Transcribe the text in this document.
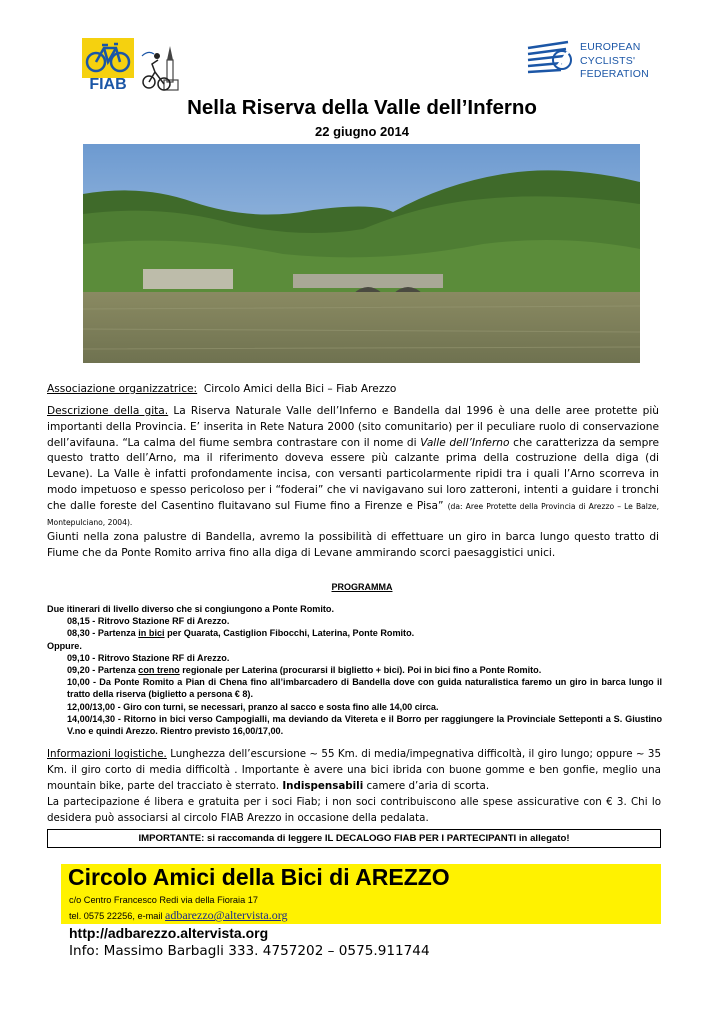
FIAB
EUROPEAN
CYCLISTS'
FEDERATION
Nella Riserva della Valle dell’Inferno
22 giugno 2014
Associazione organizzatrice: Circolo Amici della Bici – Fiab Arezzo
Descrizione della gita. La Riserva Naturale Valle dell’Inferno e Bandella dal 1996 è una delle aree protette più importanti della Provincia. E’ inserita in Rete Natura 2000 (sito comunitario) per il peculiare ruolo di conservazione dell’avifauna. “La calma del fiume sembra contrastare con il nome di Valle dell’Inferno che caratterizza da sempre questo tratto dell’Arno, ma il riferimento doveva essere più calzante prima della costruzione della diga (di Levane). La Valle è infatti profondamente incisa, con versanti particolarmente ripidi tra i quali l’Arno scorreva in modo impetuoso e spesso pericoloso per i “foderai” che vi navigavano sui loro zatteroni, intenti a guidare i tronchi che dalle foreste del Casentino fluitavano sul Fiume fino a Firenze e Pisa” (da: Aree Protette della Provincia di Arezzo – Le Balze, Montepulciano, 2004).
Giunti nella zona palustre di Bandella, avremo la possibilità di effettuare un giro in barca lungo questo tratto di Fiume che da Ponte Romito arriva fino alla diga di Levane ammirando scorci paesaggistici unici.
PROGRAMMA
Due itinerari di livello diverso che si congiungono a Ponte Romito.
08,15 - Ritrovo Stazione RF di Arezzo.
08,30 - Partenza in bici per Quarata, Castiglion Fibocchi, Laterina, Ponte Romito.
Oppure.
09,10 - Ritrovo Stazione RF di Arezzo.
09,20 - Partenza con treno regionale per Laterina (procurarsi il biglietto + bici). Poi in bici fino a Ponte Romito.
10,00 - Da Ponte Romito a Pian di Chena fino all’imbarcadero di Bandella dove con guida naturalistica faremo un giro in barca lungo il tratto della riserva (biglietto a persona € 8).
12,00/13,00 - Giro con turni, se necessari, pranzo al sacco e sosta fino alle 14,00 circa.
14,00/14,30 - Ritorno in bici verso Campogialli, ma deviando da Vitereta e il Borro per raggiungere la Provinciale Setteponti a S. Giustino V.no e quindi Arezzo. Rientro previsto 16,00/17,00.
Informazioni logistiche. Lunghezza dell’escursione ~ 55 Km. di media/impegnativa difficoltà, il giro lungo; oppure ~ 35 Km. il giro corto di media difficoltà . Importante è avere una bici ibrida con buone gomme e ben gonfie, meglio una mountain bike, parte del tracciato è sterrato. Indispensabili camere d’aria di scorta.
La partecipazione é libera e gratuita per i soci Fiab; i non soci contribuiscono alle spese assicurative con € 3. Chi lo desidera può associarsi al circolo FIAB Arezzo in occasione della pedalata.
IMPORTANTE: si raccomanda di leggere IL DECALOGO FIAB PER I PARTECIPANTI in allegato!
Circolo Amici della Bici di AREZZO
c/o Centro Francesco Redi via della Fioraia 17
tel. 0575 22256, e-mail adbarezzo@altervista.org
http://adbarezzo.altervista.org
Info: Massimo Barbagli 333. 4757202 – 0575.911744
